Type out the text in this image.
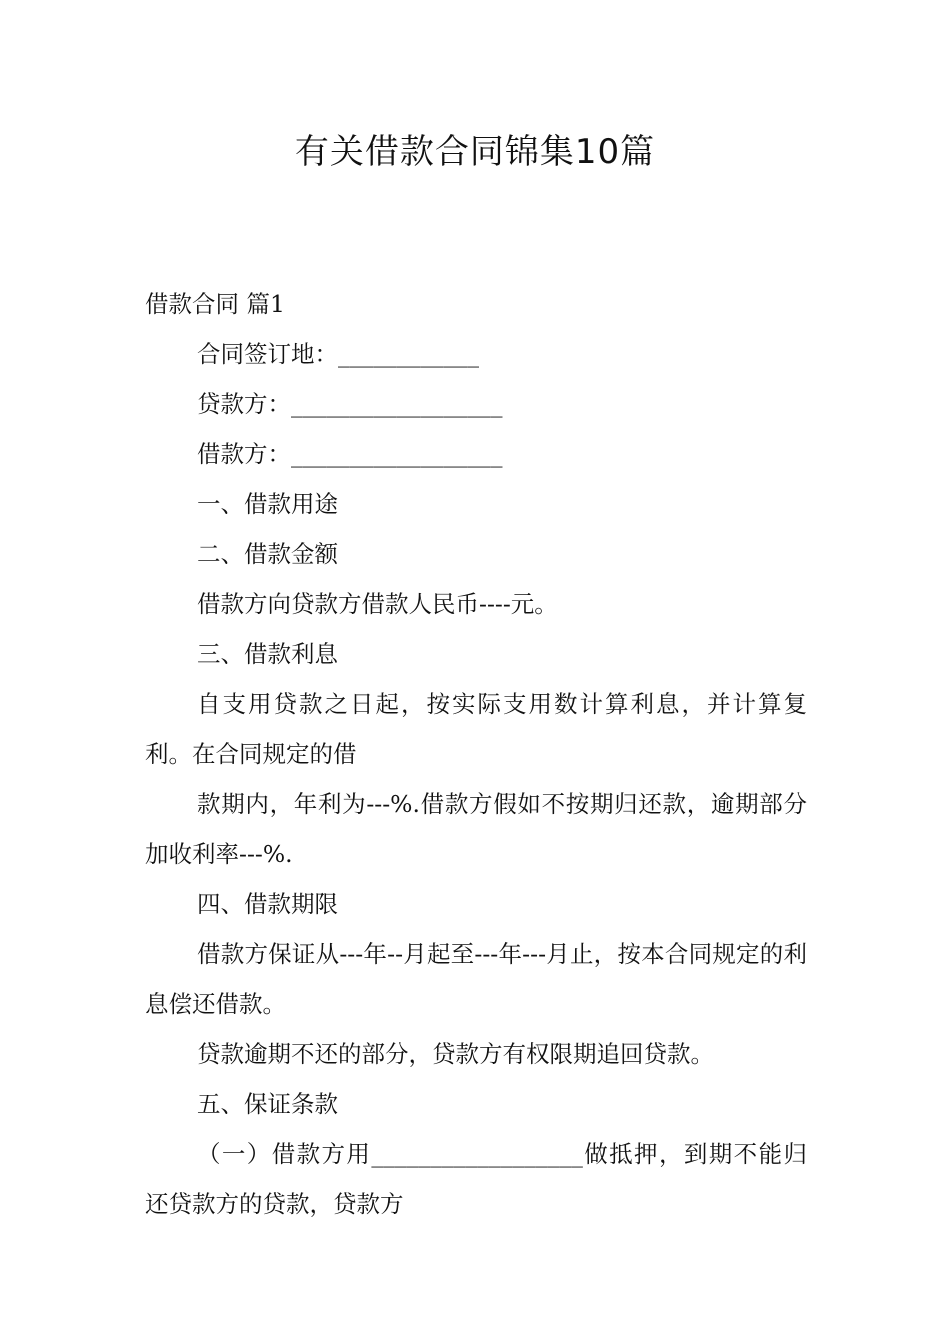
有关借款合同锦集10篇

借款合同 篇1

合同签订地：____________

贷款方：__________________

借款方：__________________

一、借款用途

二、借款金额

借款方向贷款方借款人民币----元。

三、借款利息

自支用贷款之日起，按实际支用数计算利息，并计算复利。在合同规定的借

款期内，年利为---%.借款方假如不按期归还款，逾期部分加收利率---%.

四、借款期限

借款方保证从---年--月起至---年---月止，按本合同规定的利息偿还借款。

贷款逾期不还的部分，贷款方有权限期追回贷款。

五、保证条款

（一）借款方用__________________做抵押，到期不能归还贷款方的贷款，贷款方
